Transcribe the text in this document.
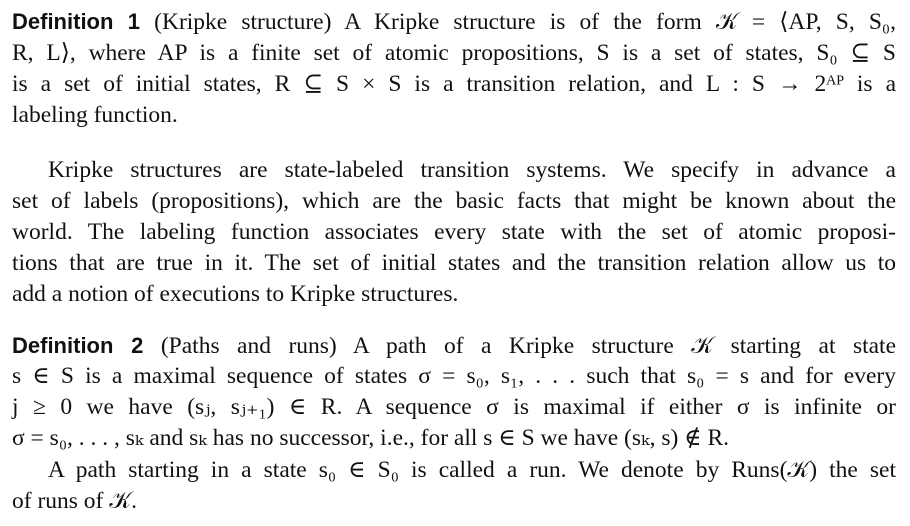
Definition 1 (Kripke structure) A Kripke structure is of the form 𝒦 = ⟨AP, S, S₀,
R, L⟩, where AP is a finite set of atomic propositions, S is a set of states, S₀ ⊆ S
is a set of initial states, R ⊆ S × S is a transition relation, and L : S → 2ᴬᴾ is a
labeling function.
Kripke structures are state-labeled transition systems. We specify in advance a
set of labels (propositions), which are the basic facts that might be known about the
world. The labeling function associates every state with the set of atomic proposi-
tions that are true in it. The set of initial states and the transition relation allow us to
add a notion of executions to Kripke structures.
Definition 2 (Paths and runs) A path of a Kripke structure 𝒦 starting at state
s ∈ S is a maximal sequence of states σ = s₀, s₁, . . . such that s₀ = s and for every
j ≥ 0 we have (sⱼ, sⱼ₊₁) ∈ R. A sequence σ is maximal if either σ is infinite or
σ = s₀, . . . , sₖ and sₖ has no successor, i.e., for all s ∈ S we have (sₖ, s) ∉ R.
A path starting in a state s₀ ∈ S₀ is called a run. We denote by Runs(𝒦) the set
of runs of 𝒦.
